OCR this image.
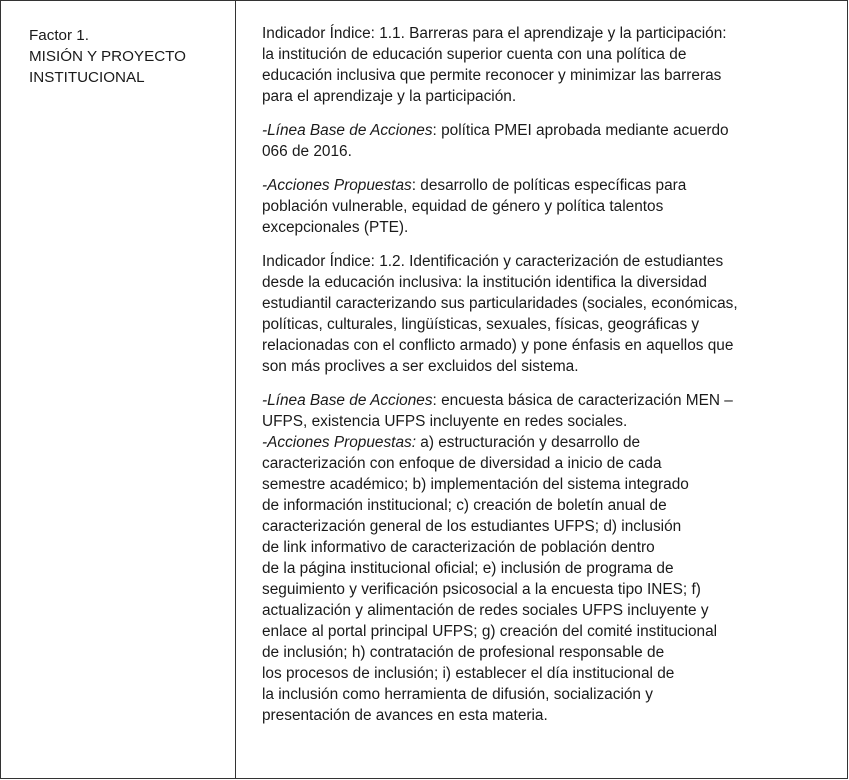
Factor 1.
MISIÓN Y PROYECTO
INSTITUCIONAL

Indicador Índice: 1.1. Barreras para el aprendizaje y la participación:
la institución de educación superior cuenta con una política de
educación inclusiva que permite reconocer y minimizar las barreras
para el aprendizaje y la participación.
-Línea Base de Acciones: política PMEI aprobada mediante acuerdo
066 de 2016.
-Acciones Propuestas: desarrollo de políticas específicas para
población vulnerable, equidad de género y política talentos
excepcionales (PTE).
Indicador Índice: 1.2. Identificación y caracterización de estudiantes
desde la educación inclusiva: la institución identifica la diversidad
estudiantil caracterizando sus particularidades (sociales, económicas,
políticas, culturales, lingüísticas, sexuales, físicas, geográficas y
relacionadas con el conflicto armado) y pone énfasis en aquellos que
son más proclives a ser excluidos del sistema.
-Línea Base de Acciones: encuesta básica de caracterización MEN –
UFPS, existencia UFPS incluyente en redes sociales.
-Acciones Propuestas: a) estructuración y desarrollo de
caracterización con enfoque de diversidad a inicio de cada
semestre académico; b) implementación del sistema integrado
de información institucional; c) creación de boletín anual de
caracterización general de los estudiantes UFPS; d) inclusión
de link informativo de caracterización de población dentro
de la página institucional oficial; e) inclusión de programa de
seguimiento y verificación psicosocial a la encuesta tipo INES; f)
actualización y alimentación de redes sociales UFPS incluyente y
enlace al portal principal UFPS; g) creación del comité institucional
de inclusión; h) contratación de profesional responsable de
los procesos de inclusión; i) establecer el día institucional de
la inclusión como herramienta de difusión, socialización y
presentación de avances en esta materia.
